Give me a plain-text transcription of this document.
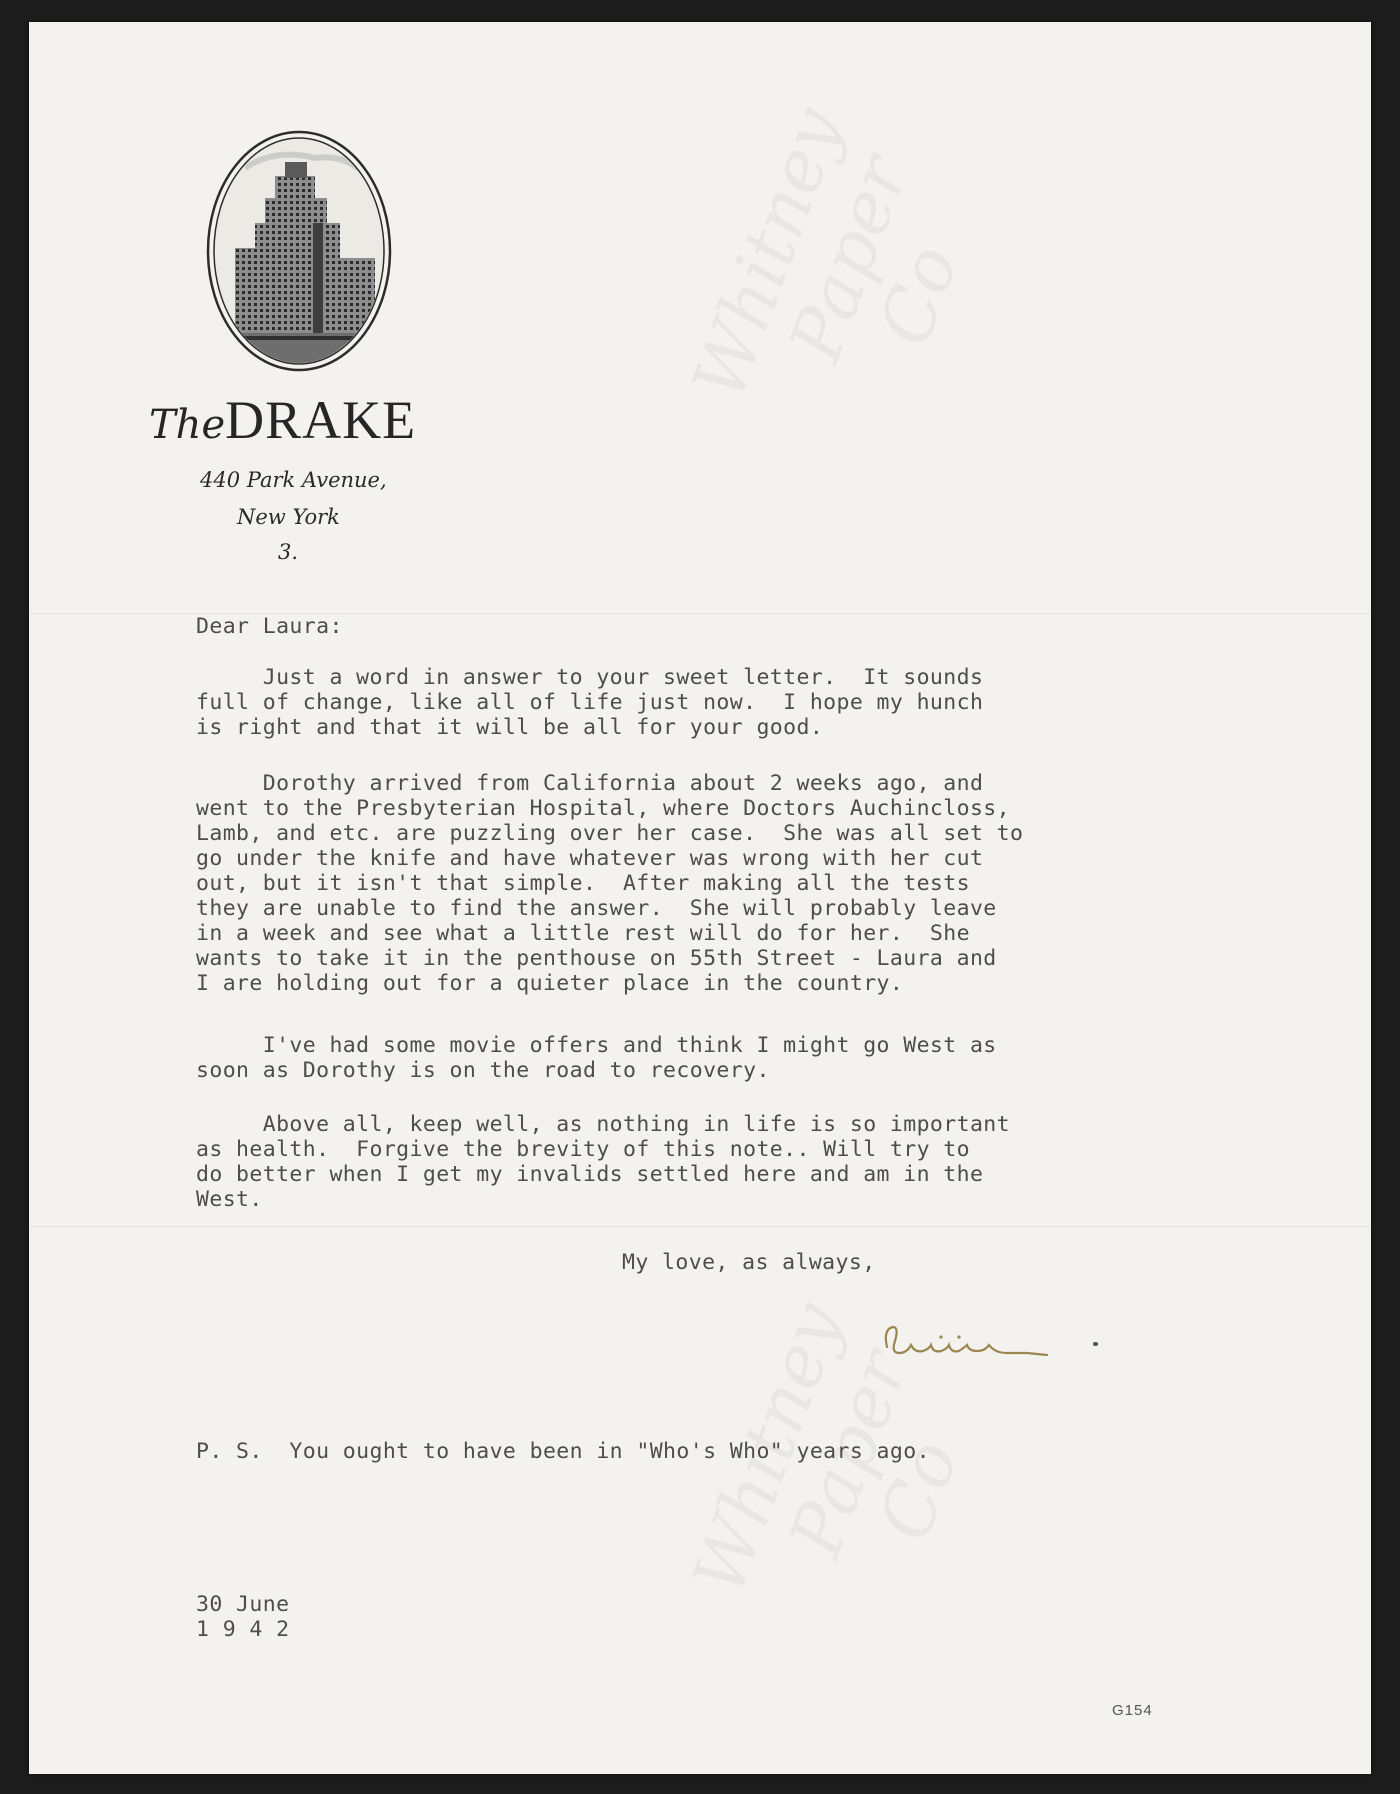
Whitney
Paper
Co
Whitney
Paper
Co
TheDRAKE
440 Park Avenue,
New York
3.
Dear Laura:
Just a word in answer to your sweet letter.  It sounds
full of change, like all of life just now.  I hope my hunch
is right and that it will be all for your good.
Dorothy arrived from California about 2 weeks ago, and
went to the Presbyterian Hospital, where Doctors Auchincloss,
Lamb, and etc. are puzzling over her case.  She was all set to
go under the knife and have whatever was wrong with her cut
out, but it isn't that simple.  After making all the tests
they are unable to find the answer.  She will probably leave
in a week and see what a little rest will do for her.  She
wants to take it in the penthouse on 55th Street - Laura and
I are holding out for a quieter place in the country.
I've had some movie offers and think I might go West as
soon as Dorothy is on the road to recovery.
Above all, keep well, as nothing in life is so important
as health.  Forgive the brevity of this note.. Will try to
do better when I get my invalids settled here and am in the
West.
My love, as always,
P. S.  You ought to have been in "Who's Who" years ago.
30 June
1 9 4 2
G154
